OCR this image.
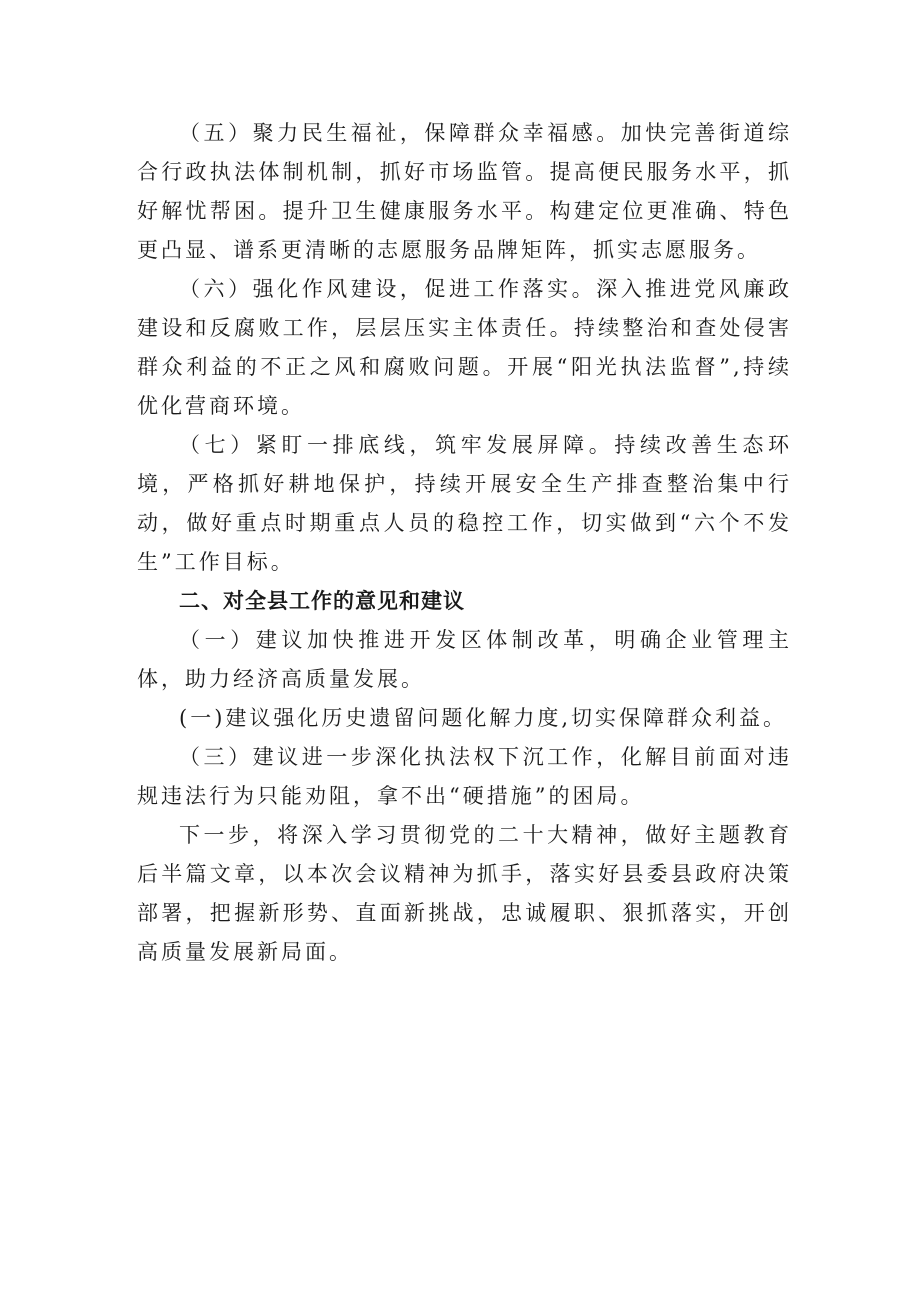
（五）聚力民生福祉，保障群众幸福感。加快完善街道综合行政执法体制机制，抓好市场监管。提高便民服务水平，抓好解忧帮困。提升卫生健康服务水平。构建定位更准确、特色更凸显、谱系更清晰的志愿服务品牌矩阵，抓实志愿服务。

（六）强化作风建设，促进工作落实。深入推进党风廉政建设和反腐败工作，层层压实主体责任。持续整治和查处侵害群众利益的不正之风和腐败问题。开展“阳光执法监督”,持续优化营商环境。

（七）紧盯一排底线，筑牢发展屏障。持续改善生态环境，严格抓好耕地保护，持续开展安全生产排查整治集中行动，做好重点时期重点人员的稳控工作，切实做到“六个不发生”工作目标。

二、对全县工作的意见和建议

（一）建议加快推进开发区体制改革，明确企业管理主体，助力经济高质量发展。

(一)建议强化历史遗留问题化解力度,切实保障群众利益。

（三）建议进一步深化执法权下沉工作，化解目前面对违规违法行为只能劝阻，拿不出“硬措施”的困局。

下一步，将深入学习贯彻党的二十大精神，做好主题教育后半篇文章，以本次会议精神为抓手，落实好县委县政府决策部署，把握新形势、直面新挑战，忠诚履职、狠抓落实，开创高质量发展新局面。
